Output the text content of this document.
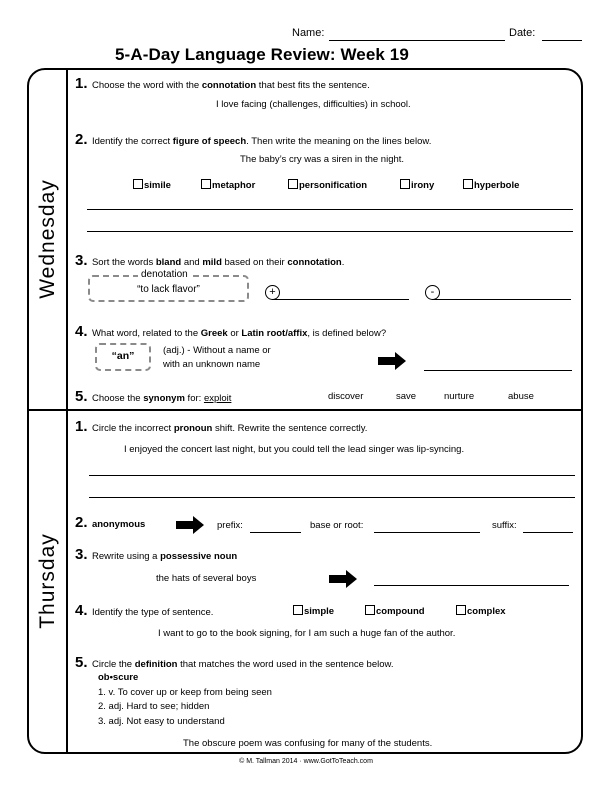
Name:	Date:
5-A-Day Language Review: Week 19
Wednesday
Thursday
1. Choose the word with the connotation that best fits the sentence.
I love facing (challenges, difficulties) in school.
2. Identify the correct figure of speech. Then write the meaning on the lines below.
The baby’s cry was a siren in the night.
simile	metaphor	personification	irony	hyperbole
3. Sort the words bland and mild based on their connotation.
denotation
“to lack flavor”	+	-
4. What word, related to the Greek or Latin root/affix, is defined below?
“an”	(adj.) - Without a name or
with an unknown name
5. Choose the synonym for: exploit	discover	save	nurture	abuse
1. Circle the incorrect pronoun shift. Rewrite the sentence correctly.
I enjoyed the concert last night, but you could tell the lead singer was lip-syncing.
2. anonymous	prefix:	base or root:	suffix:
3. Rewrite using a possessive noun
the hats of several boys
4. Identify the type of sentence.	simple	compound	complex
I want to go to the book signing, for I am such a huge fan of the author.
5. Circle the definition that matches the word used in the sentence below.
ob•scure
1. v. To cover up or keep from being seen
2. adj. Hard to see; hidden
3. adj. Not easy to understand
The obscure poem was confusing for many of the students.
© M. Tallman 2014 · www.GotToTeach.com
